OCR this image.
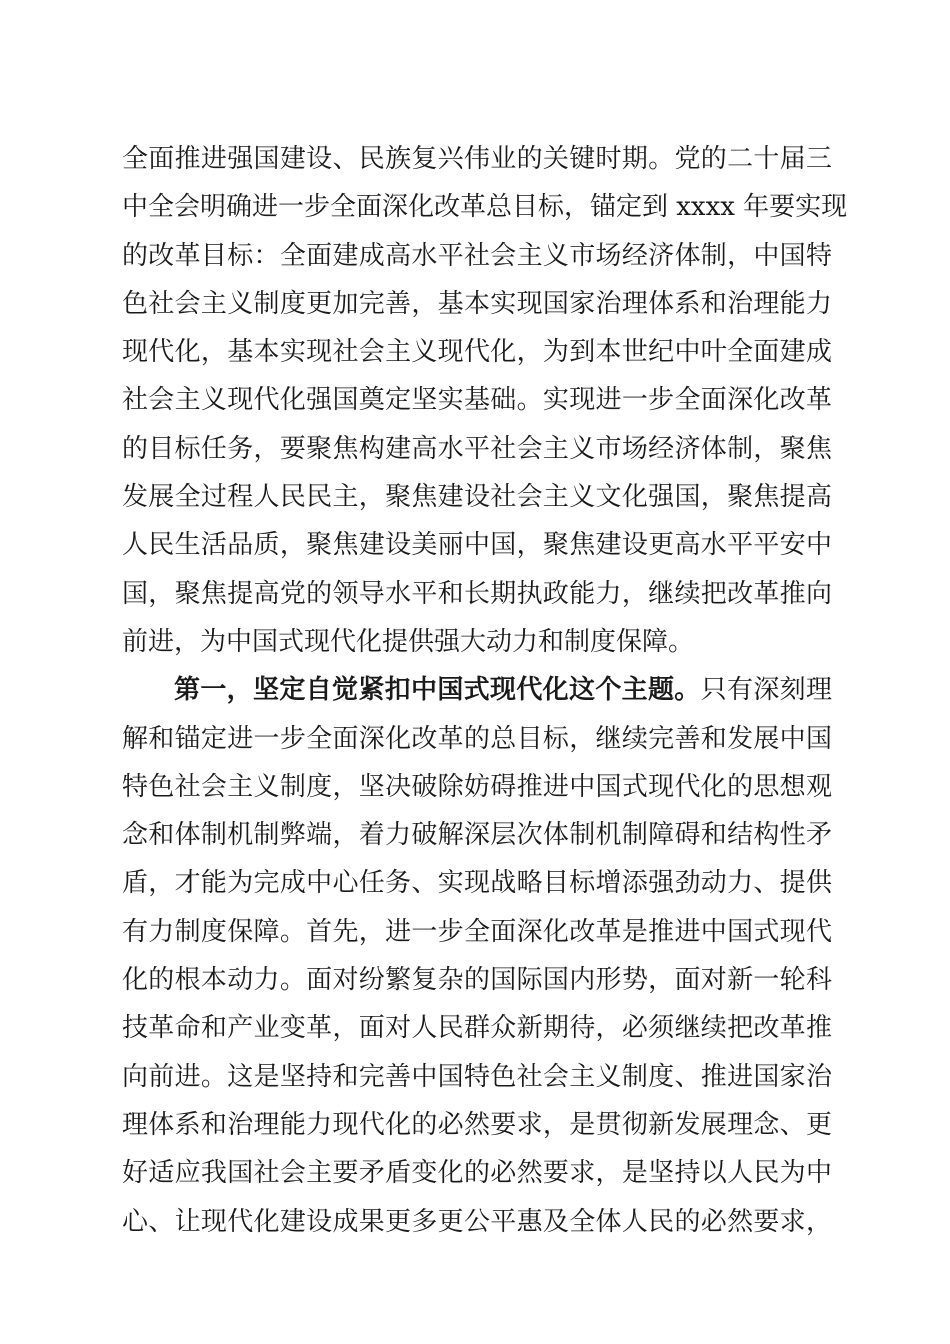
全面推进强国建设、民族复兴伟业的关键时期。党的二十届三
中全会明确进一步全面深化改革总目标，锚定到 xxxx 年要实现
的改革目标：全面建成高水平社会主义市场经济体制，中国特
色社会主义制度更加完善，基本实现国家治理体系和治理能力
现代化，基本实现社会主义现代化，为到本世纪中叶全面建成
社会主义现代化强国奠定坚实基础。实现进一步全面深化改革
的目标任务，要聚焦构建高水平社会主义市场经济体制，聚焦
发展全过程人民民主，聚焦建设社会主义文化强国，聚焦提高
人民生活品质，聚焦建设美丽中国，聚焦建设更高水平平安中
国，聚焦提高党的领导水平和长期执政能力，继续把改革推向
前进，为中国式现代化提供强大动力和制度保障。
第一，坚定自觉紧扣中国式现代化这个主题。只有深刻理
解和锚定进一步全面深化改革的总目标，继续完善和发展中国
特色社会主义制度，坚决破除妨碍推进中国式现代化的思想观
念和体制机制弊端，着力破解深层次体制机制障碍和结构性矛
盾，才能为完成中心任务、实现战略目标增添强劲动力、提供
有力制度保障。首先，进一步全面深化改革是推进中国式现代
化的根本动力。面对纷繁复杂的国际国内形势，面对新一轮科
技革命和产业变革，面对人民群众新期待，必须继续把改革推
向前进。这是坚持和完善中国特色社会主义制度、推进国家治
理体系和治理能力现代化的必然要求，是贯彻新发展理念、更
好适应我国社会主要矛盾变化的必然要求，是坚持以人民为中
心、让现代化建设成果更多更公平惠及全体人民的必然要求，
